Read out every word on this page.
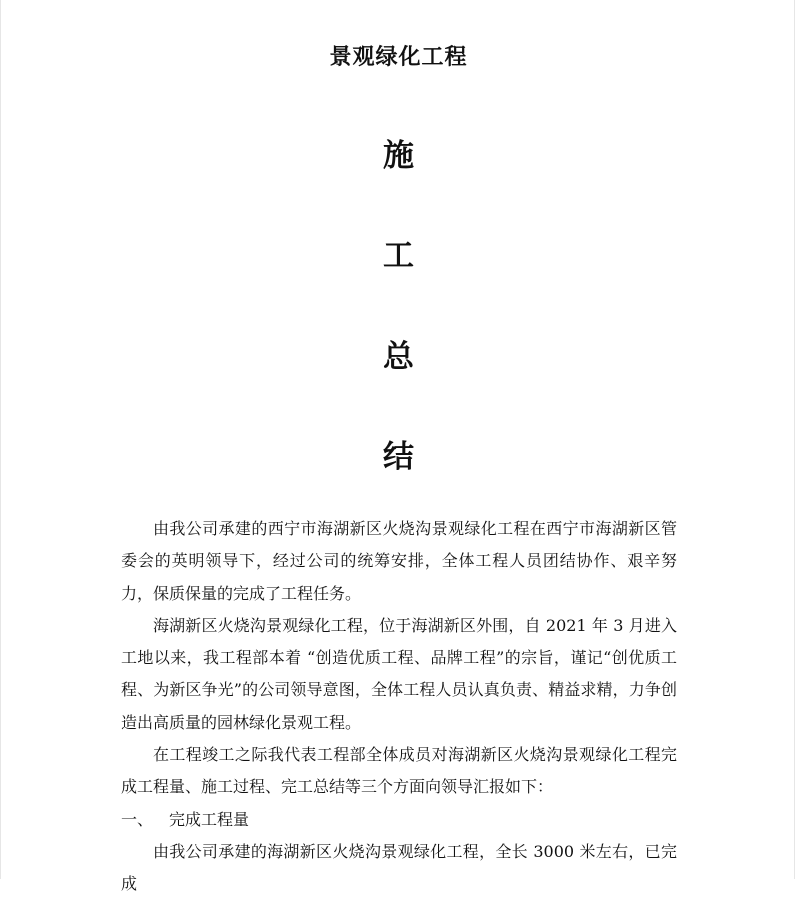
景观绿化工程
施
工
总
结

由我公司承建的西宁市海湖新区火烧沟景观绿化工程在西宁市海湖新区管委会的英明领导下，经过公司的统筹安排，全体工程人员团结协作、艰辛努力，保质保量的完成了工程任务。

海湖新区火烧沟景观绿化工程，位于海湖新区外围，自 2021 年 3 月进入工地以来，我工程部本着 “创造优质工程、品牌工程”的宗旨，谨记“创优质工程、为新区争光”的公司领导意图，全体工程人员认真负责、精益求精，力争创造出高质量的园林绿化景观工程。

在工程竣工之际我代表工程部全体成员对海湖新区火烧沟景观绿化工程完成工程量、施工过程、完工总结等三个方面向领导汇报如下：

一、 完成工程量

由我公司承建的海湖新区火烧沟景观绿化工程，全长 3000 米左右，已完成
